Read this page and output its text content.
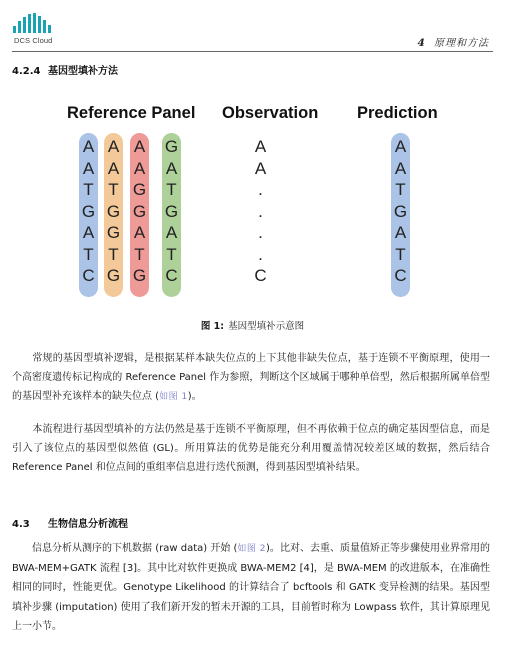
DCS Cloud	4 原理和方法
4.2.4 基因型填补方法
Reference Panel Observation Prediction
A
A
T
G
A
T
C
A
A
T
G
G
T
G
A
A
G
G
A
T
G
G
A
T
G
A
T
C
A
A
.
.
.
.
C
A
A
T
G
A
T
C
图 1: 基因型填补示意图
　　常规的基因型填补逻辑，是根据某样本缺失位点的上下其他非缺失位点，基于连锁不平衡原理，使用一个高密度遗传标记构成的 Reference Panel 作为参照，判断这个区域属于哪种单倍型，然后根据所属单倍型的基因型补充该样本的缺失位点 (如图 1)。
　　本流程进行基因型填补的方法仍然是基于连锁不平衡原理，但不再依赖于位点的确定基因型信息，而是引入了该位点的基因型似然值 (GL)。所用算法的优势是能充分利用覆盖情况较差区域的数据，然后结合 Reference Panel 和位点间的重组率信息进行迭代预测，得到基因型填补结果。
4.3 生物信息分析流程
　　信息分析从测序的下机数据 (raw data) 开始 (如图 2)。比对、去重、质量值矫正等步骤使用业界常用的 BWA-MEM+GATK 流程 [3]。其中比对软件更换成 BWA-MEM2 [4]，是 BWA-MEM 的改进版本，在准确性相同的同时，性能更优。Genotype Likelihood 的计算结合了 bcftools 和 GATK 变异检测的结果。基因型填补步骤 (imputation) 使用了我们新开发的暂未开源的工具，目前暂时称为 Lowpass 软件，其计算原理见上一小节。
